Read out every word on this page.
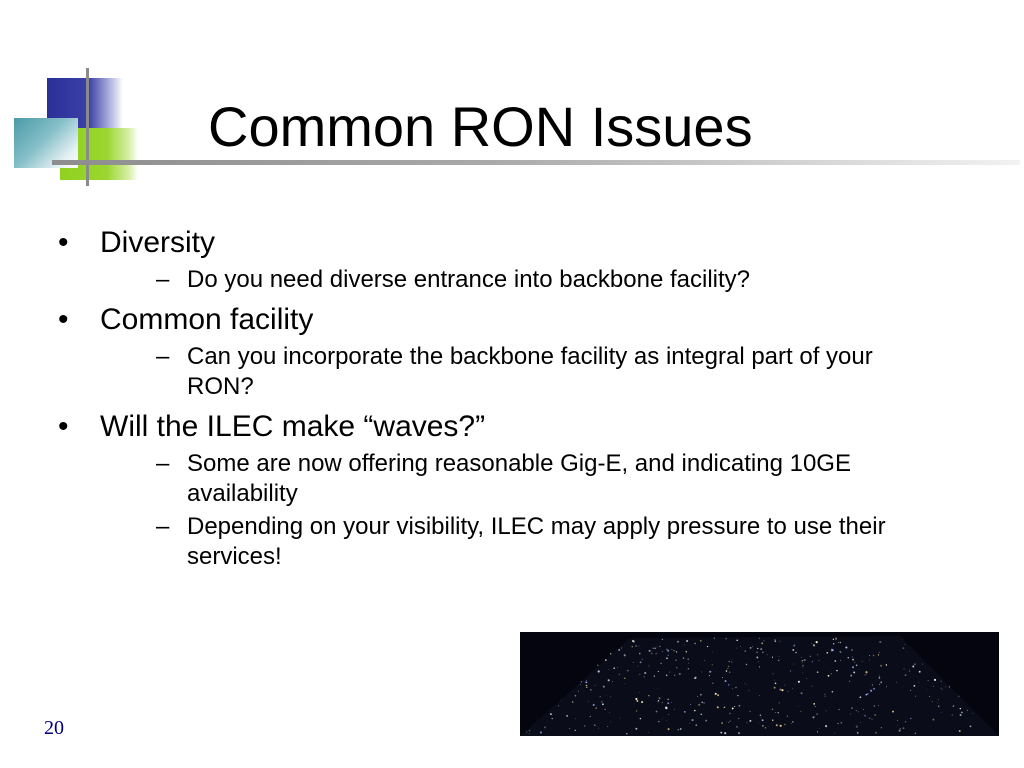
Common RON Issues
• Diversity
– Do you need diverse entrance into backbone facility?
• Common facility
– Can you incorporate the backbone facility as integral part of your RON?
• Will the ILEC make “waves?”
– Some are now offering reasonable Gig-E, and indicating 10GE availability
– Depending on your visibility, ILEC may apply pressure to use their services!
20
